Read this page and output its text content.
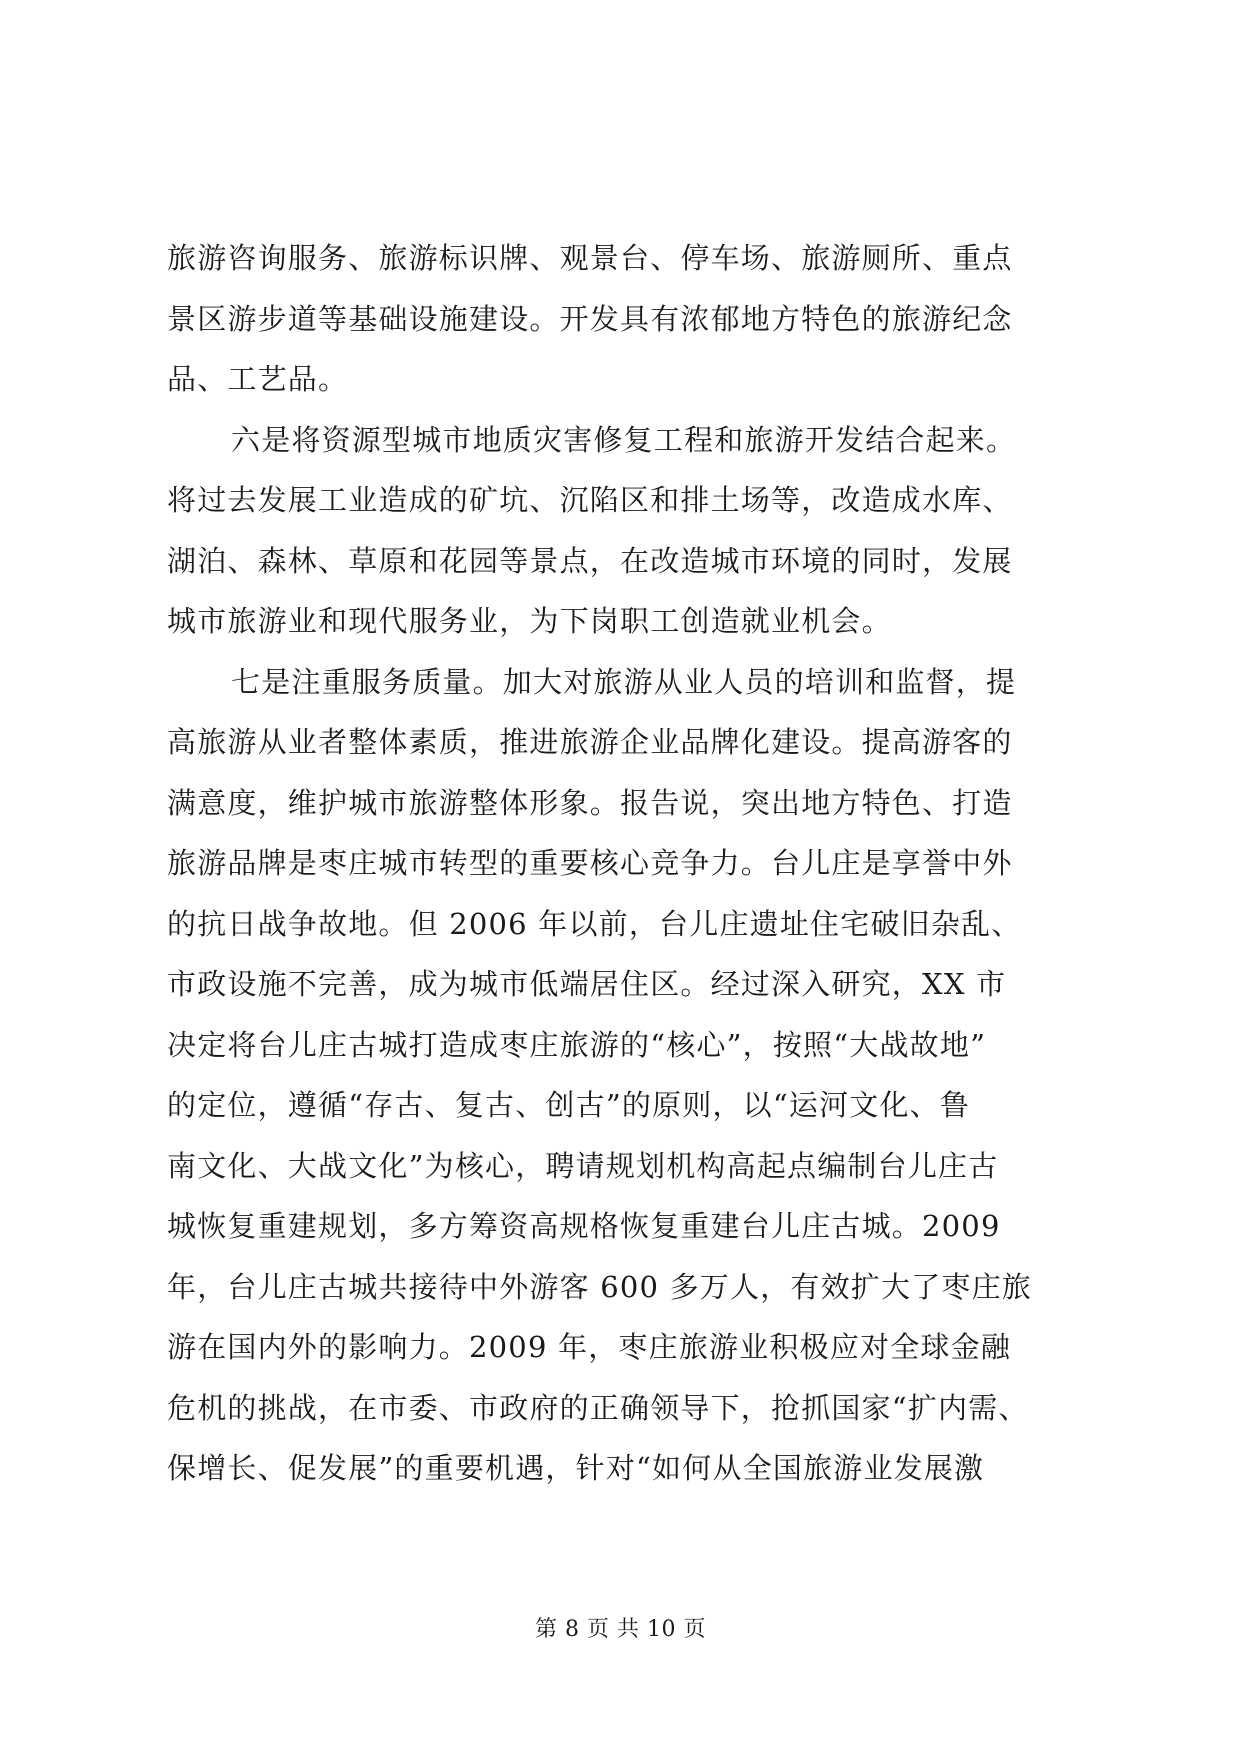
旅游咨询服务、旅游标识牌、观景台、停车场、旅游厕所、重点
景区游步道等基础设施建设。开发具有浓郁地方特色的旅游纪念
品、工艺品。
六是将资源型城市地质灾害修复工程和旅游开发结合起来。
将过去发展工业造成的矿坑、沉陷区和排土场等，改造成水库、
湖泊、森林、草原和花园等景点，在改造城市环境的同时，发展
城市旅游业和现代服务业，为下岗职工创造就业机会。
七是注重服务质量。加大对旅游从业人员的培训和监督，提
高旅游从业者整体素质，推进旅游企业品牌化建设。提高游客的
满意度，维护城市旅游整体形象。报告说，突出地方特色、打造
旅游品牌是枣庄城市转型的重要核心竞争力。台儿庄是享誉中外
的抗日战争故地。但 2006 年以前，台儿庄遗址住宅破旧杂乱、
市政设施不完善，成为城市低端居住区。经过深入研究，XX 市
决定将台儿庄古城打造成枣庄旅游的“核心”，按照“大战故地”
的定位，遵循“存古、复古、创古”的原则，以“运河文化、鲁
南文化、大战文化”为核心，聘请规划机构高起点编制台儿庄古
城恢复重建规划，多方筹资高规格恢复重建台儿庄古城。2009
年，台儿庄古城共接待中外游客 600 多万人，有效扩大了枣庄旅
游在国内外的影响力。2009 年，枣庄旅游业积极应对全球金融
危机的挑战，在市委、市政府的正确领导下，抢抓国家“扩内需、
保增长、促发展”的重要机遇，针对“如何从全国旅游业发展激
第 8 页 共 10 页
